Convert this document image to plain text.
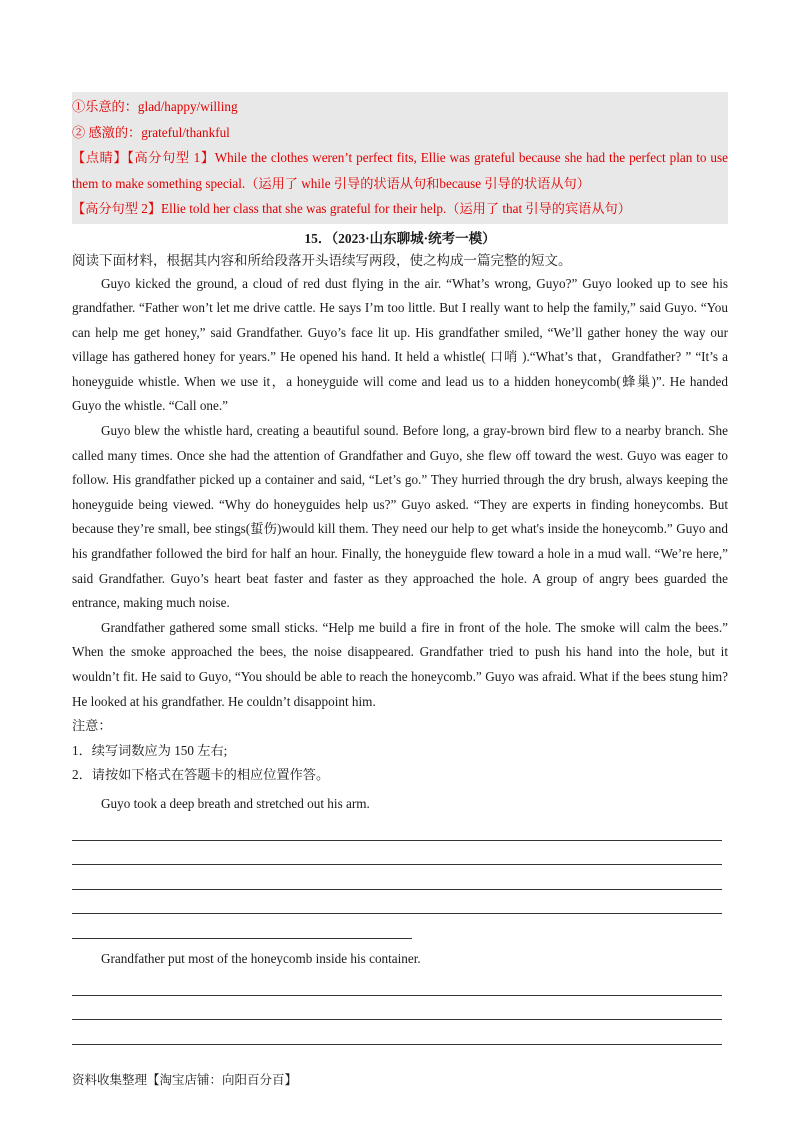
①乐意的：glad/happy/willing
② 感激的：grateful/thankful
【点睛】【高分句型 1】While the clothes weren’t perfect fits, Ellie was grateful because she had the perfect plan to use them to make something special.（运用了 while 引导的状语从句和because 引导的状语从句）
【高分句型 2】Ellie told her class that she was grateful for their help.（运用了 that 引导的宾语从句）
15．（2023·山东聊城·统考一模）
阅读下面材料，根据其内容和所给段落开头语续写两段，使之构成一篇完整的短文。

Guyo kicked the ground, a cloud of red dust flying in the air. “What’s wrong, Guyo?” Guyo looked up to see his grandfather. “Father won’t let me drive cattle. He says I’m too little. But I really want to help the family,” said Guyo. “You can help me get honey,” said Grandfather. Guyo’s face lit up. His grandfather smiled, “We’ll gather honey the way our village has gathered honey for years.” He opened his hand. It held a whistle( 口哨 ).“What’s that，Grandfather? ” “It’s a honeyguide whistle. When we use it，a honeyguide will come and lead us to a hidden honeycomb(蜂巢)”. He handed Guyo the whistle. “Call one.”

Guyo blew the whistle hard, creating a beautiful sound. Before long, a gray-brown bird flew to a nearby branch. She called many times. Once she had the attention of Grandfather and Guyo, she flew off toward the west. Guyo was eager to follow. His grandfather picked up a container and said, “Let’s go.” They hurried through the dry brush, always keeping the honeyguide being viewed. “Why do honeyguides help us?” Guyo asked. “They are experts in finding honeycombs. But because they’re small, bee stings(蜇伤)would kill them. They need our help to get what's inside the honeycomb.” Guyo and his grandfather followed the bird for half an hour. Finally, the honeyguide flew toward a hole in a mud wall. “We’re here,” said Grandfather. Guyo’s heart beat faster and faster as they approached the hole. A group of angry bees guarded the entrance, making much noise.

Grandfather gathered some small sticks. “Help me build a fire in front of the hole. The smoke will calm the bees.” When the smoke approached the bees, the noise disappeared. Grandfather tried to push his hand into the hole, but it wouldn’t fit. He said to Guyo, “You should be able to reach the honeycomb.” Guyo was afraid. What if the bees stung him? He looked at his grandfather. He couldn’t disappoint him.

注意：

1．续写词数应为 150 左右;

2．请按如下格式在答题卡的相应位置作答。

Guyo took a deep breath and stretched out his arm.
Grandfather put most of the honeycomb inside his container.
资料收集整理【淘宝店铺：向阳百分百】
